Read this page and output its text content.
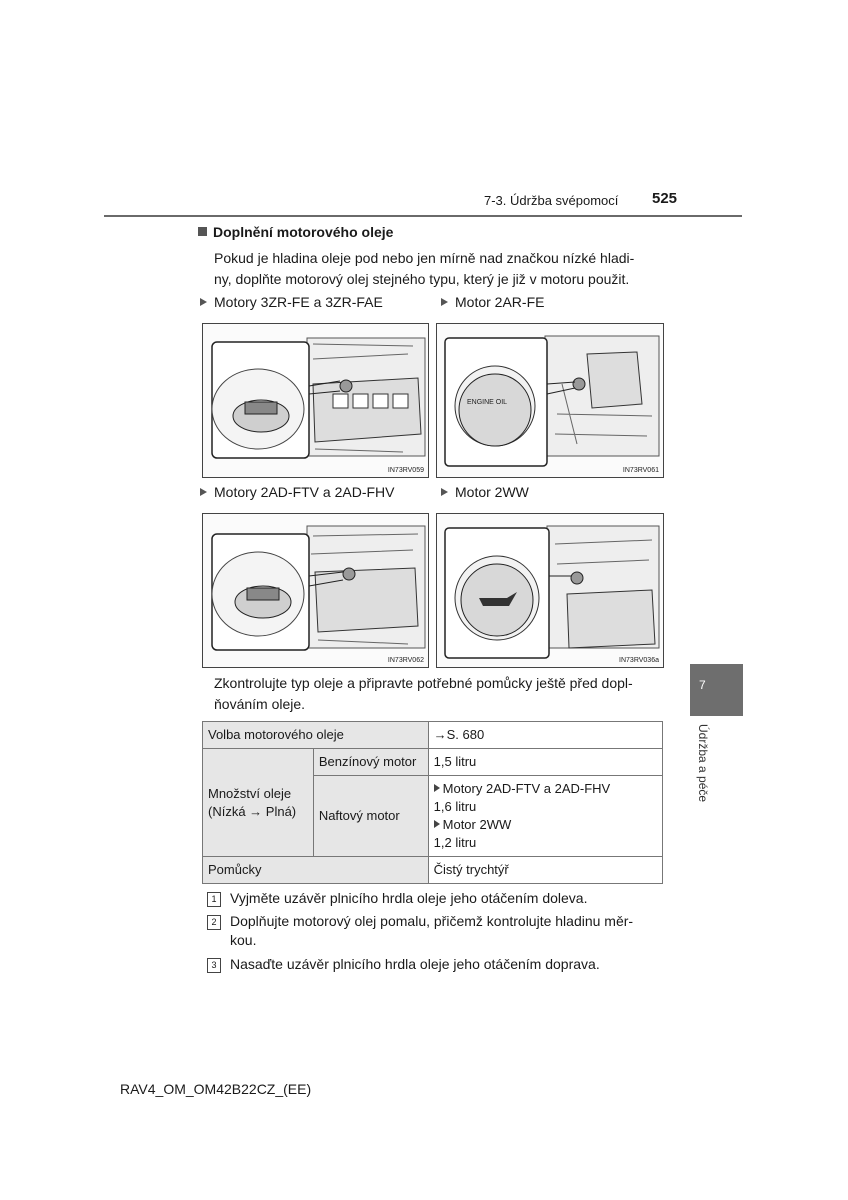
7-3. Údržba svépomocí 525
Doplnění motorového oleje
Pokud je hladina oleje pod nebo jen mírně nad značkou nízké hladi-
ny, doplňte motorový olej stejného typu, který je již v motoru použit.
Motory 3ZR-FE a 3ZR-FAE	Motor 2AR-FE
IN73RV059
ENGINE OIL
IN73RV061
Motory 2AD-FTV a 2AD-FHV	Motor 2WW
IN73RV062	IN73RV036a
Zkontrolujte typ oleje a připravte potřebné pomůcky ještě před dopl-
ňováním oleje.
Volba motorového oleje		→S. 680

Množství oleje
(Nízká → Plná)	Benzínový motor	1,5 litru
	Naftový motor	Motory 2AD-FTV a 2AD-FHV
1,6 litru
Motor 2WW
1,2 litru

Pomůcky		Čistý trychtýř
1 Vyjměte uzávěr plnicího hrdla oleje jeho otáčením doleva.
2 Doplňujte motorový olej pomalu, přičemž kontrolujte hladinu měr-
kou.
3 Nasaďte uzávěr plnicího hrdla oleje jeho otáčením doprava.
7
Údržba a péče
RAV4_OM_OM42B22CZ_(EE)
